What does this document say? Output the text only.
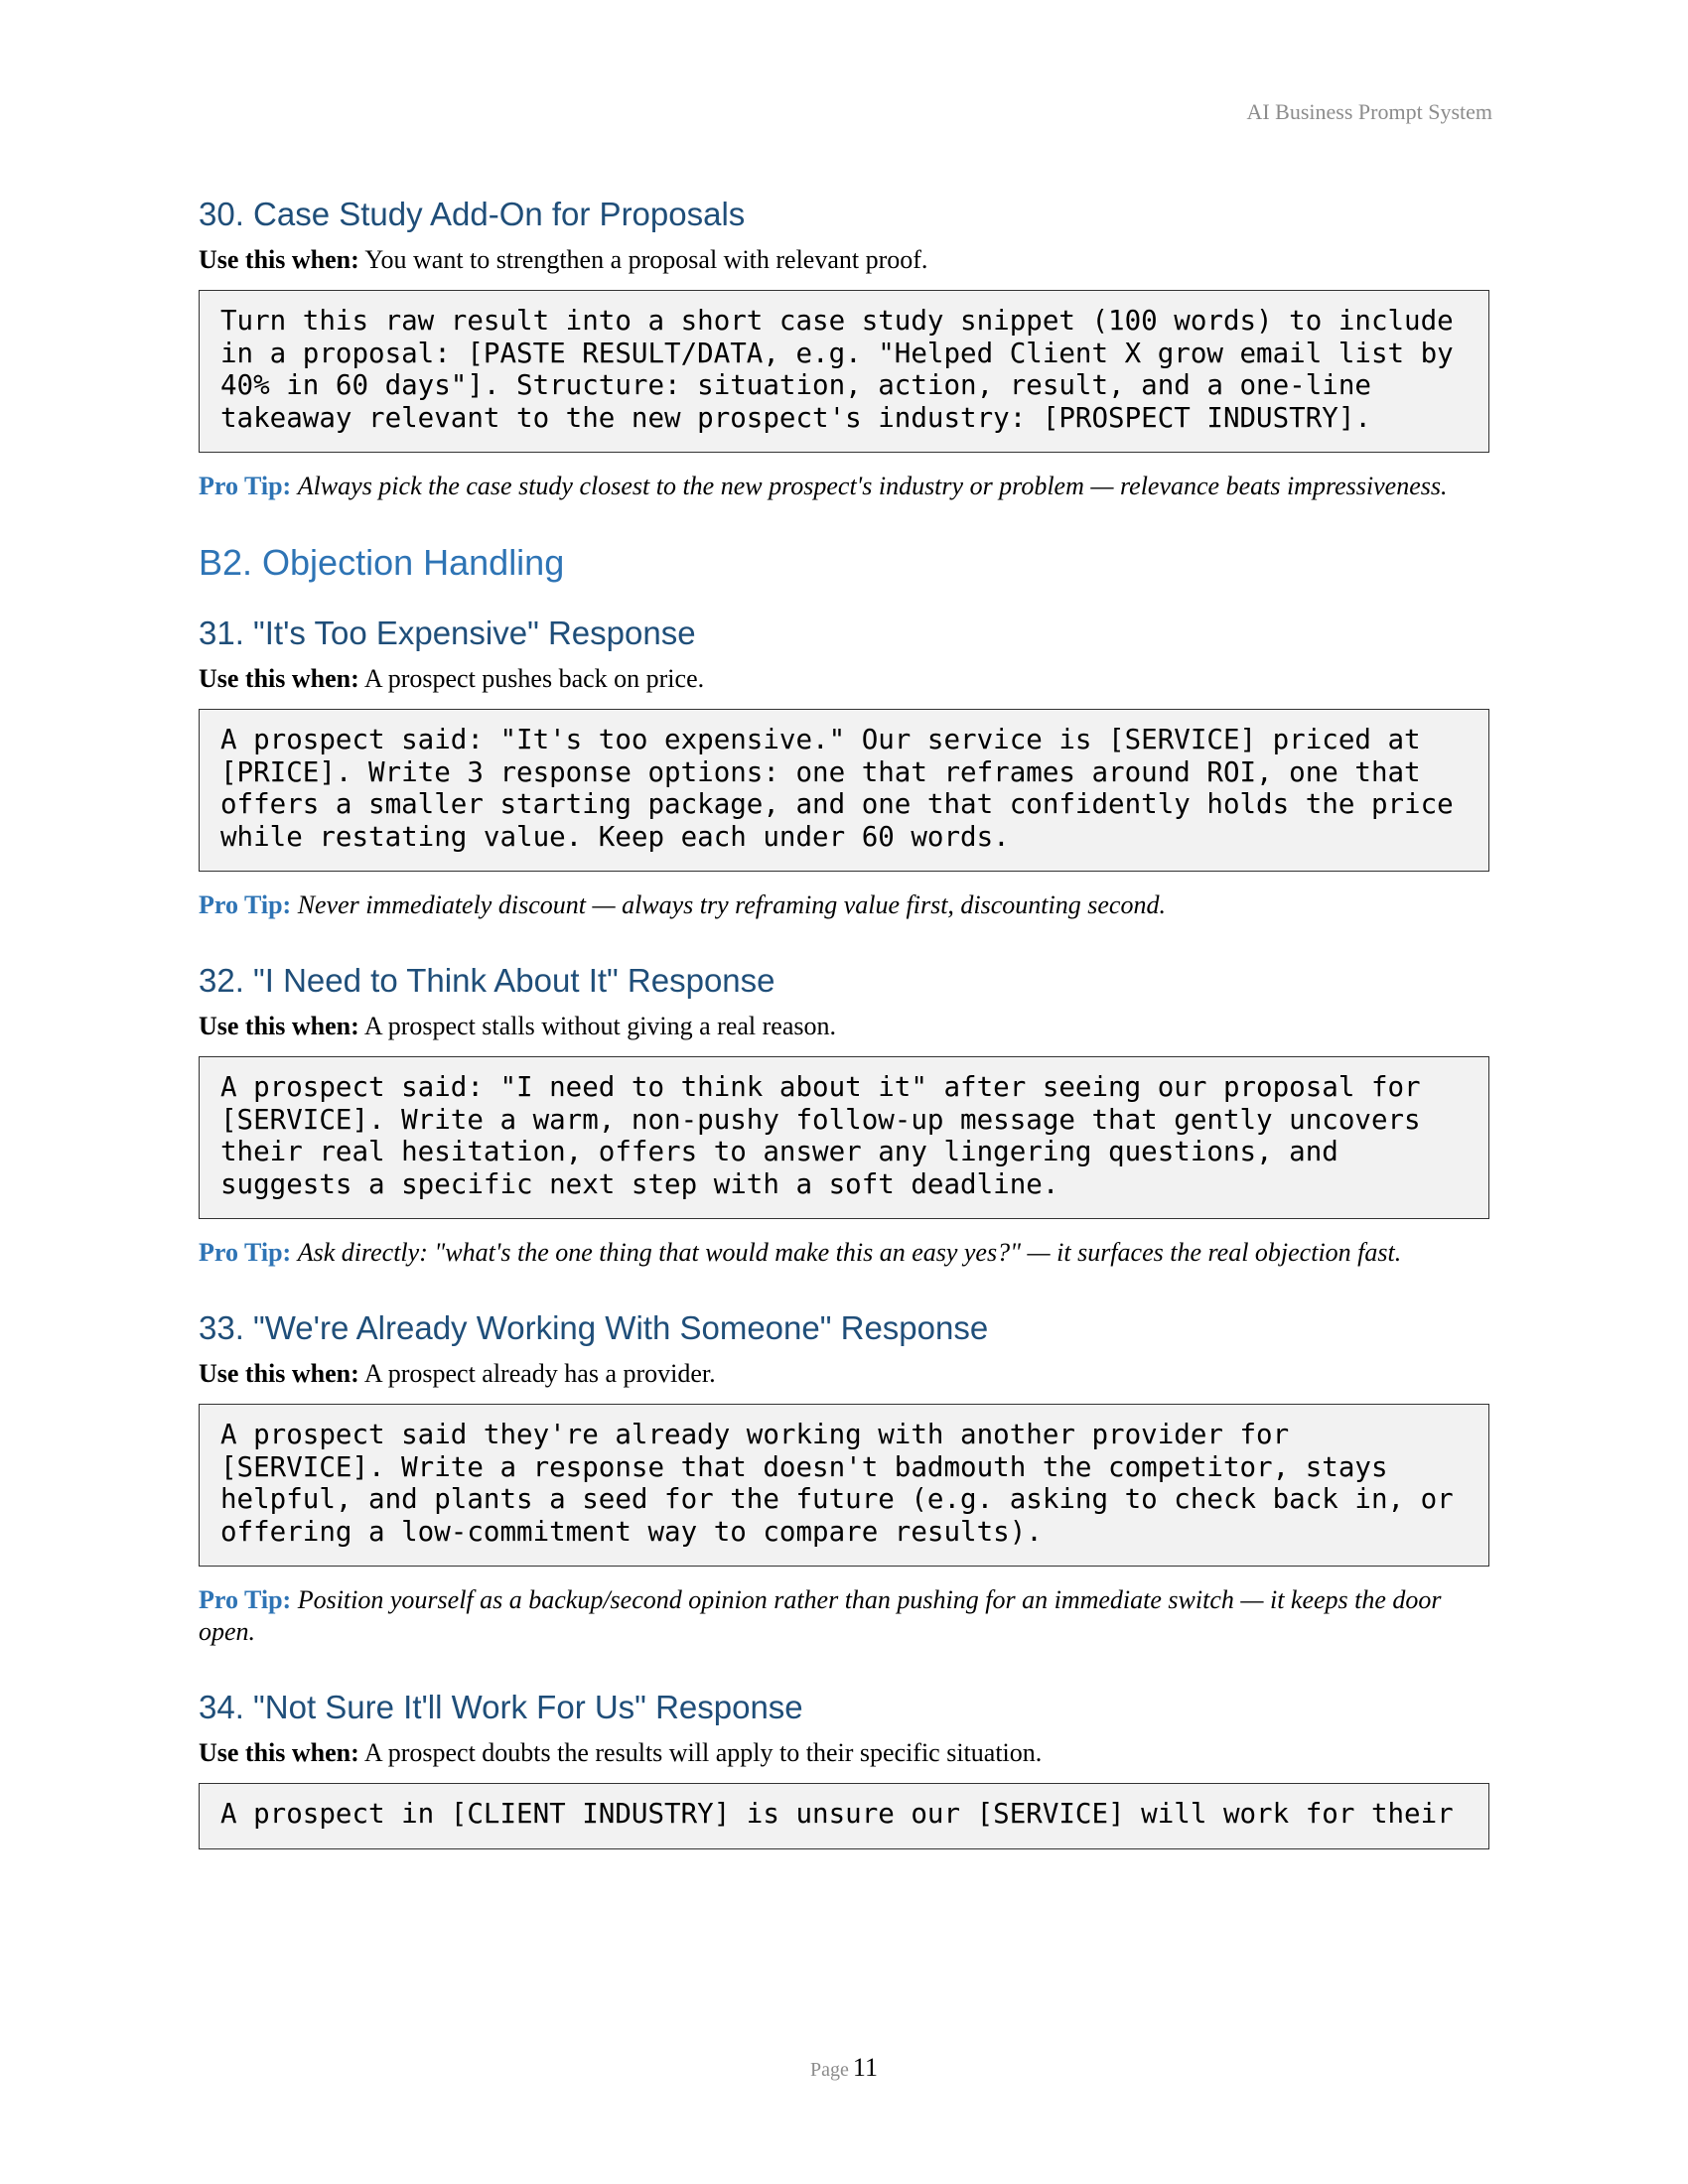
AI Business Prompt System
30. Case Study Add-On for Proposals

Use this when: You want to strengthen a proposal with relevant proof.

Turn this raw result into a short case study snippet (100 words) to include
in a proposal: [PASTE RESULT/DATA, e.g. "Helped Client X grow email list by
40% in 60 days"]. Structure: situation, action, result, and a one-line
takeaway relevant to the new prospect's industry: [PROSPECT INDUSTRY].

Pro Tip: Always pick the case study closest to the new prospect's industry or problem — relevance beats impressiveness.

B2. Objection Handling
31. "It's Too Expensive" Response

Use this when: A prospect pushes back on price.

A prospect said: "It's too expensive." Our service is [SERVICE] priced at
[PRICE]. Write 3 response options: one that reframes around ROI, one that
offers a smaller starting package, and one that confidently holds the price
while restating value. Keep each under 60 words.

Pro Tip: Never immediately discount — always try reframing value first, discounting second.

32. "I Need to Think About It" Response

Use this when: A prospect stalls without giving a real reason.

A prospect said: "I need to think about it" after seeing our proposal for
[SERVICE]. Write a warm, non-pushy follow-up message that gently uncovers
their real hesitation, offers to answer any lingering questions, and
suggests a specific next step with a soft deadline.

Pro Tip: Ask directly: "what's the one thing that would make this an easy yes?" — it surfaces the real objection fast.

33. "We're Already Working With Someone" Response

Use this when: A prospect already has a provider.

A prospect said they're already working with another provider for
[SERVICE]. Write a response that doesn't badmouth the competitor, stays
helpful, and plants a seed for the future (e.g. asking to check back in, or
offering a low-commitment way to compare results).

Pro Tip: Position yourself as a backup/second opinion rather than pushing for an immediate switch — it keeps the door open.

34. "Not Sure It'll Work For Us" Response

Use this when: A prospect doubts the results will apply to their specific situation.

A prospect in [CLIENT INDUSTRY] is unsure our [SERVICE] will work for their
Page 11
